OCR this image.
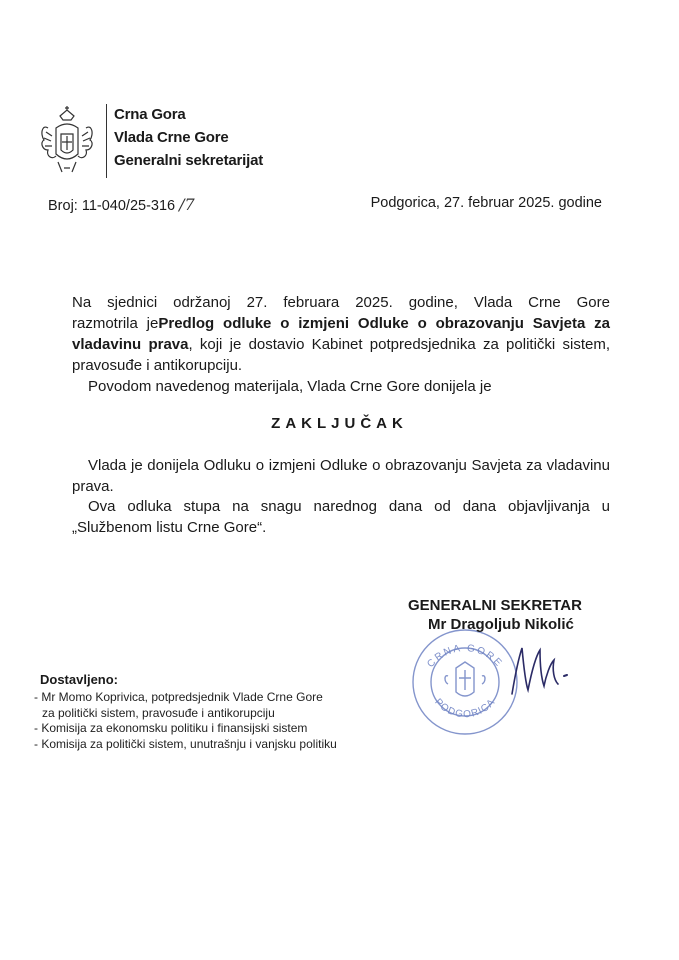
Crna Gora
Vlada Crne Gore
Generalni sekretarijat
Broj: 11-040/25-316 /7	Podgorica, 27. februar 2025. godine
Na sjednici održanoj 27. februara 2025. godine, Vlada Crne Gore
razmotrila jePredlog odluke o izmjeni Odluke o obrazovanju Savjeta za vladavinu prava, koji je dostavio Kabinet potpredsjednika za politički sistem, pravosuđe i antikorupciju.
Povodom navedenog materijala, Vlada Crne Gore donijela je
ZAKLJUČAK
Vlada je donijela Odluku o izmjeni Odluke o obrazovanju Savjeta za vladavinu prava.
Ova odluka stupa na snagu narednog dana od dana objavljivanja u „Službenom listu Crne Gore“.
CRNA GORE
PODGORICA
GENERALNI SEKRETAR
Mr Dragoljub Nikolić
Dostavljeno:
- Mr Momo Koprivica, potpredsjednik Vlade Crne Gore
za politički sistem, pravosuđe i antikorupciju
- Komisija za ekonomsku politiku i finansijski sistem
- Komisija za politički sistem, unutrašnju i vanjsku politiku
